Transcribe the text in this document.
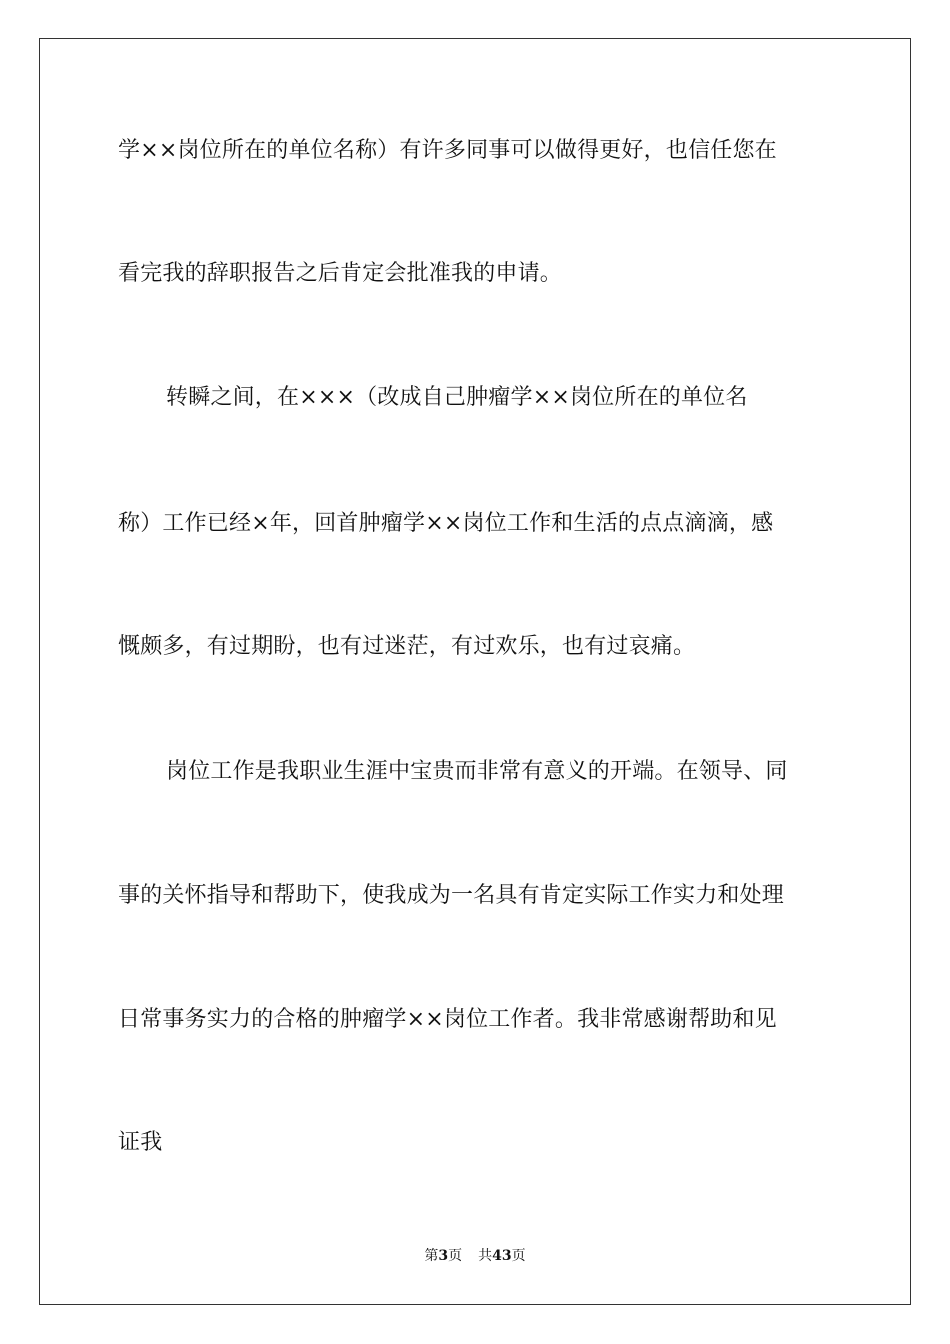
学××岗位所在的单位名称）有许多同事可以做得更好，也信任您在
看完我的辞职报告之后肯定会批准我的申请。
转瞬之间，在×××（改成自己肿瘤学××岗位所在的单位名
称）工作已经×年，回首肿瘤学××岗位工作和生活的点点滴滴，感
慨颇多，有过期盼，也有过迷茫，有过欢乐，也有过哀痛。
岗位工作是我职业生涯中宝贵而非常有意义的开端。在领导、同
事的关怀指导和帮助下，使我成为一名具有肯定实际工作实力和处理
日常事务实力的合格的肿瘤学××岗位工作者。我非常感谢帮助和见
证我
第3页 共43页
